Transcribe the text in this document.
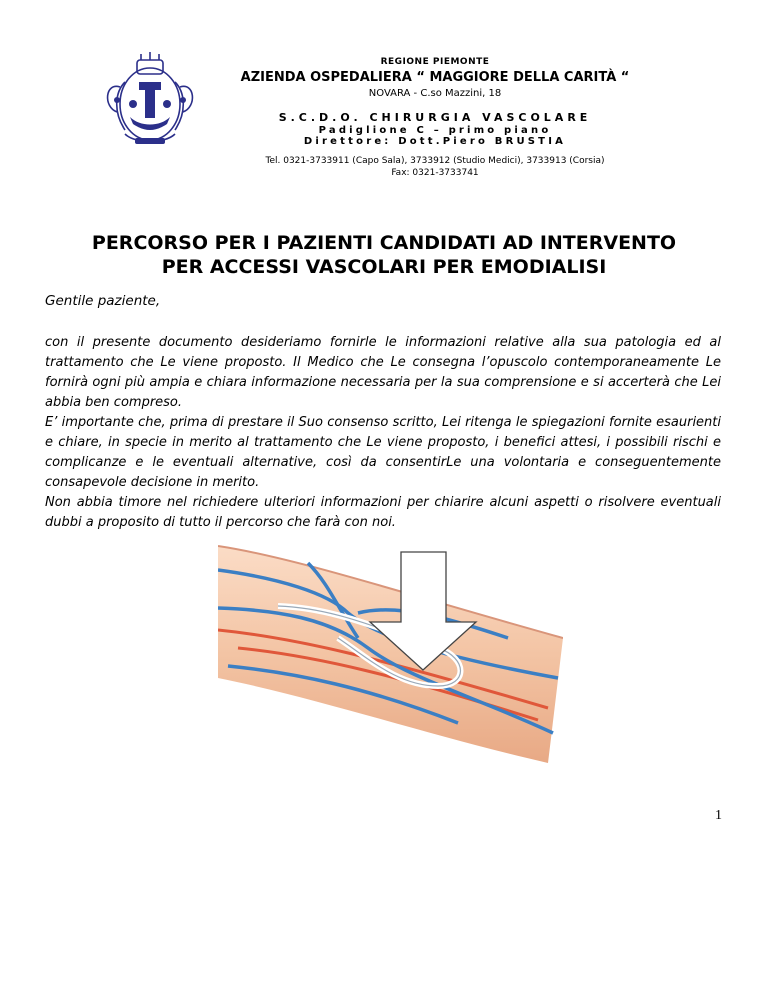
REGIONE PIEMONTE

AZIENDA OSPEDALIERA “ MAGGIORE DELLA CARITÀ “

NOVARA - C.so Mazzini, 18

S.C.D.O. CHIRURGIA VASCOLARE

Padiglione C – primo piano

Direttore: Dott.Piero BRUSTIA

Tel. 0321-3733911 (Capo Sala), 3733912 (Studio Medici), 3733913 (Corsia)
Fax: 0321-3733741
PERCORSO PER I PAZIENTI CANDIDATI AD INTERVENTO
PER ACCESSI VASCOLARI PER EMODIALISI

Gentile paziente,

con il presente documento desideriamo fornirle le informazioni relative alla sua patologia ed al trattamento che Le viene proposto. Il Medico che Le consegna l’opuscolo contemporaneamente Le fornirà ogni più ampia e chiara informazione necessaria per la sua comprensione e si accerterà che Lei abbia ben compreso.

E’ importante che, prima di prestare il Suo consenso scritto, Lei ritenga le spiegazioni fornite esaurienti e chiare, in specie in merito al trattamento che Le viene proposto, i benefici attesi, i possibili rischi e complicanze e le eventuali alternative, così da consentirLe una volontaria e conseguentemente consapevole decisione in merito.

Non abbia timore nel richiedere ulteriori informazioni per chiarire alcuni aspetti o risolvere eventuali dubbi a proposito di tutto il percorso che farà con noi.

1
